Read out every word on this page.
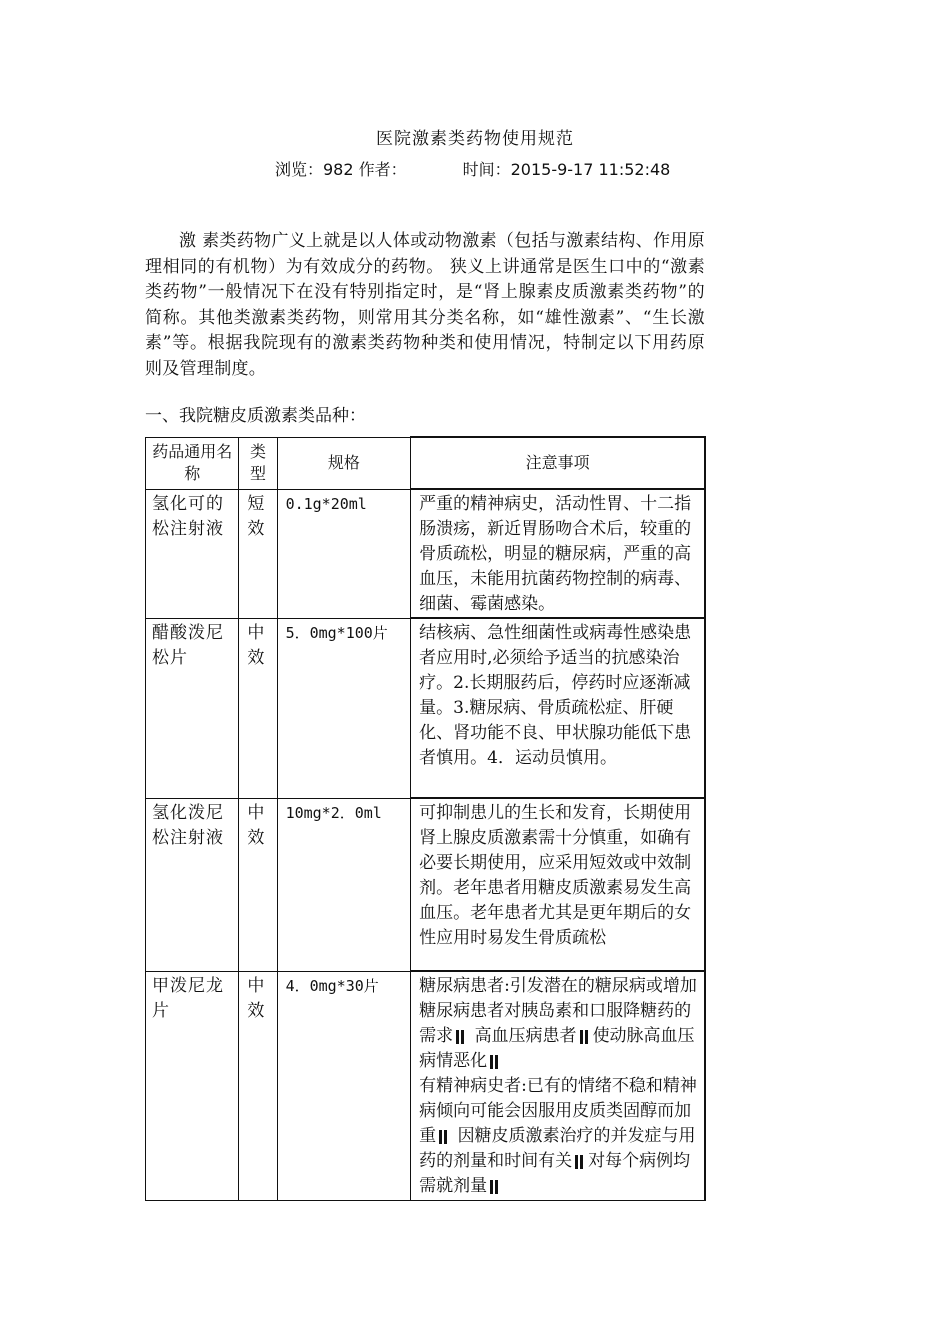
医院激素类药物使用规范
浏览：982 作者：	时间：2015-9-17 11:52:48
激 素类药物广义上就是以人体或动物激素（包括与激素结构、作用原理相同的有机物）为有效成分的药物。 狭义上讲通常是医生口中的“激素类药物”一般情况下在没有特别指定时，是“肾上腺素皮质激素类药物”的简称。其他类激素类药物，则常用其分类名称，如“雄性激素”、“生长激素”等。根据我院现有的激素类药物种类和使用情况，特制定以下用药原则及管理制度。
一、我院糖皮质激素类品种：
药品通用名称	类型	规格	注意事项
氢化可的松注射液	短效	0.1g*20ml	严重的精神病史，活动性胃、十二指肠溃疡，新近胃肠吻合术后，较重的骨质疏松，明显的糖尿病，严重的高血压，未能用抗菌药物控制的病毒、细菌、霉菌感染。
醋酸泼尼松片	中效	5．0mg*100片	结核病、急性细菌性或病毒性感染患者应用时,必须给予适当的抗感染治疗。2.长期服药后，停药时应逐渐减量。3.糖尿病、骨质疏松症、肝硬化、肾功能不良、甲状腺功能低下患者慎用。4．运动员慎用。
氢化泼尼松注射液	中效	10mg*2．0ml	可抑制患儿的生长和发育，长期使用肾上腺皮质激素需十分慎重，如确有必要长期使用，应采用短效或中效制剂。老年患者用糖皮质激素易发生高血压。老年患者尤其是更年期后的女性应用时易发生骨质疏松
甲泼尼龙片	中效	4．0mg*30片	糖尿病患者:引发潜在的糖尿病或增加糖尿病患者对胰岛素和口服降糖药的需求 高血压病患者 使动脉高血压病情恶化
有精神病史者:已有的情绪不稳和精神病倾向可能会因服用皮质类固醇而加重 因糖皮质激素治疗的并发症与用药的剂量和时间有关 对每个病例均需就剂量
